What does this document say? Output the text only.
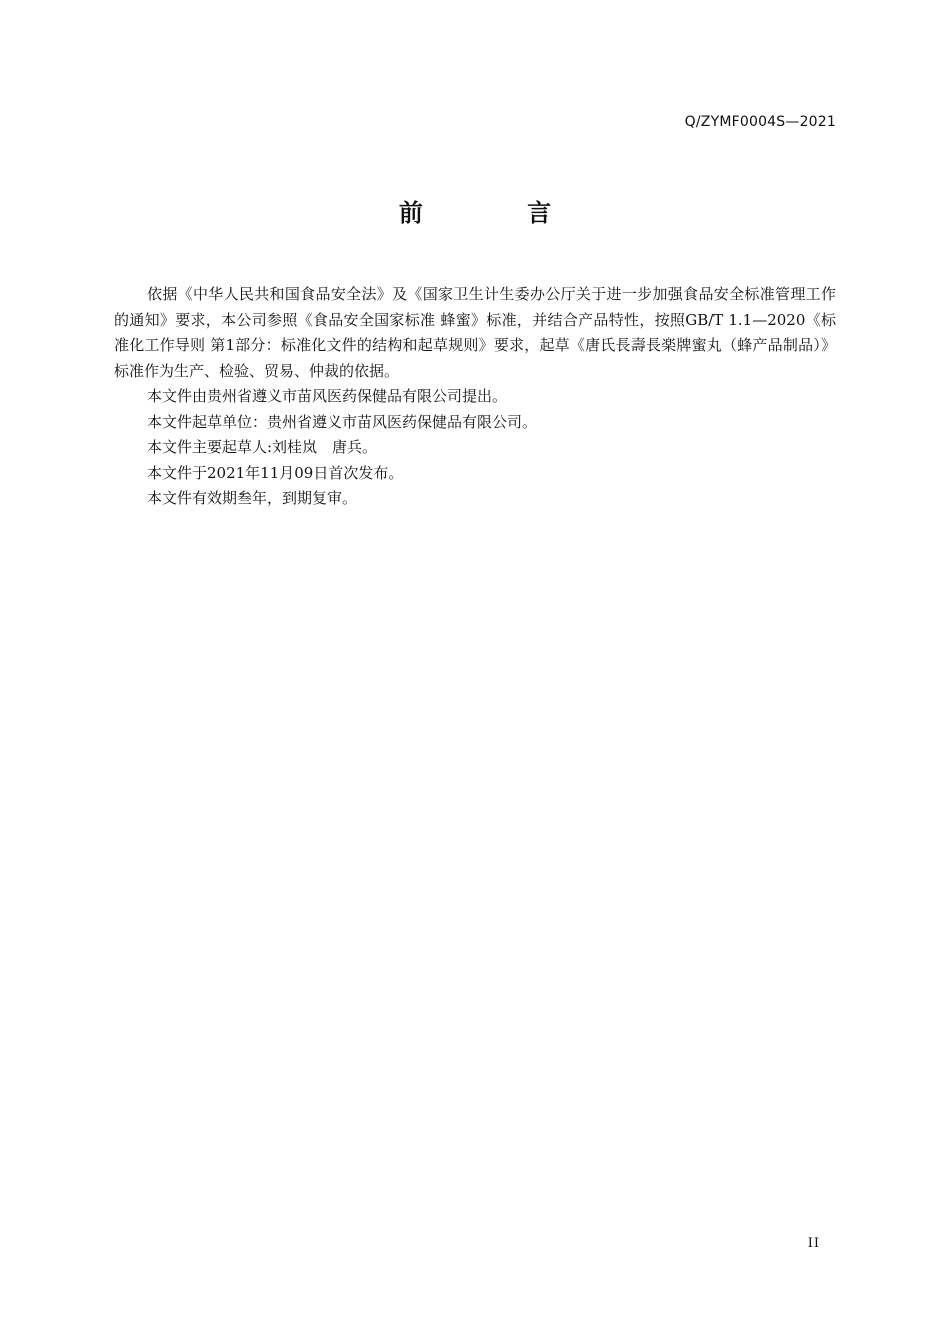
Q/ZYMF0004S—2021
前 言

依据《中华人民共和国食品安全法》及《国家卫生计生委办公厅关于进一步加强食品安全标准管理工作的通知》要求，本公司参照《食品安全国家标准 蜂蜜》标准，并结合产品特性，按照GB/T 1.1—2020《标准化工作导则 第1部分：标准化文件的结构和起草规则》要求，起草《唐氏長壽長楽牌蜜丸（蜂产品制品）》标准作为生产、检验、贸易、仲裁的依据。

本文件由贵州省遵义市苗风医药保健品有限公司提出。

本文件起草单位：贵州省遵义市苗风医药保健品有限公司。

本文件主要起草人:刘桂岚　唐兵。

本文件于2021年11月09日首次发布。

本文件有效期叁年，到期复审。

II
